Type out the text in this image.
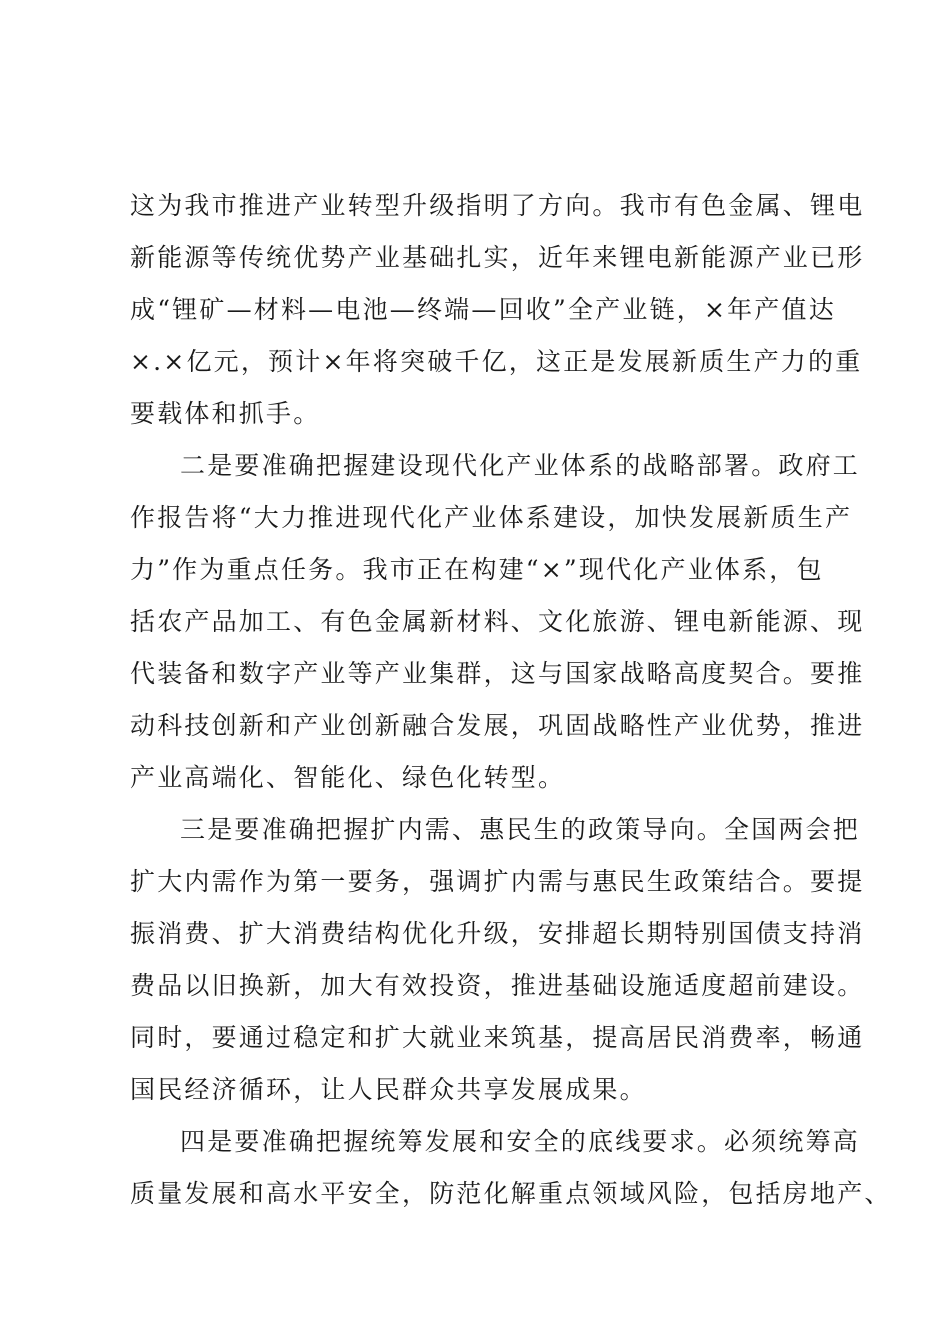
这为我市推进产业转型升级指明了方向。我市有色金属、锂电
新能源等传统优势产业基础扎实，近年来锂电新能源产业已形
成“锂矿—材料—电池—终端—回收”全产业链，×年产值达
×.×亿元，预计×年将突破千亿，这正是发展新质生产力的重
要载体和抓手。
二是要准确把握建设现代化产业体系的战略部署。政府工
作报告将“大力推进现代化产业体系建设，加快发展新质生产
力”作为重点任务。我市正在构建“×”现代化产业体系，包
括农产品加工、有色金属新材料、文化旅游、锂电新能源、现
代装备和数字产业等产业集群，这与国家战略高度契合。要推
动科技创新和产业创新融合发展，巩固战略性产业优势，推进
产业高端化、智能化、绿色化转型。
三是要准确把握扩内需、惠民生的政策导向。全国两会把
扩大内需作为第一要务，强调扩内需与惠民生政策结合。要提
振消费、扩大消费结构优化升级，安排超长期特别国债支持消
费品以旧换新，加大有效投资，推进基础设施适度超前建设。
同时，要通过稳定和扩大就业来筑基，提高居民消费率，畅通
国民经济循环，让人民群众共享发展成果。
四是要准确把握统筹发展和安全的底线要求。必须统筹高
质量发展和高水平安全，防范化解重点领域风险，包括房地产、
